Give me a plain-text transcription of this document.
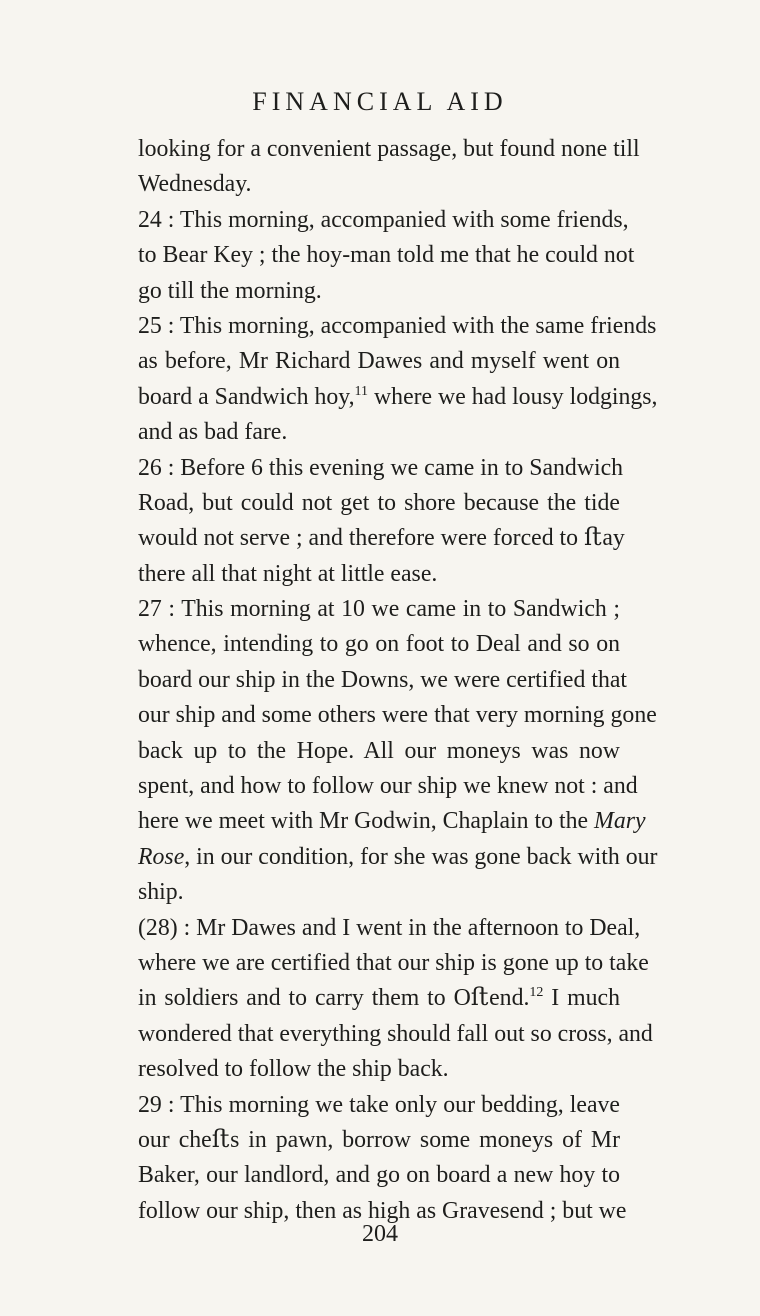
FINANCIAL AID
looking for a convenient passage, but found none till
Wednesday.
24 : This morning, accompanied with some friends,
to Bear Key ; the hoy-man told me that he could not
go till the morning.
25 : This morning, accompanied with the same friends
as before, Mr Richard Dawes and myself went on
board a Sandwich hoy,$^{11}$ where we had lousy lodgings,
and as bad fare.
26 : Before 6 this evening we came in to Sandwich
Road, but could not get to shore because the tide
would not serve ; and therefore were forced to ﬅay
there all that night at little ease.
27 : This morning at 10 we came in to Sandwich ;
whence, intending to go on foot to Deal and so on
board our ship in the Downs, we were certified that
our ship and some others were that very morning gone
back up to the Hope. All our moneys was now
spent, and how to follow our ship we knew not : and
here we meet with Mr Godwin, Chaplain to the Mary
Rose, in our condition, for she was gone back with our
ship.
(28) : Mr Dawes and I went in the afternoon to Deal,
where we are certified that our ship is gone up to take
in soldiers and to carry them to Oﬅend.$^{12}$ I much
wondered that everything should fall out so cross, and
resolved to follow the ship back.
29 : This morning we take only our bedding, leave
our cheﬅs in pawn, borrow some moneys of Mr
Baker, our landlord, and go on board a new hoy to
follow our ship, then as high as Gravesend ; but we
204
